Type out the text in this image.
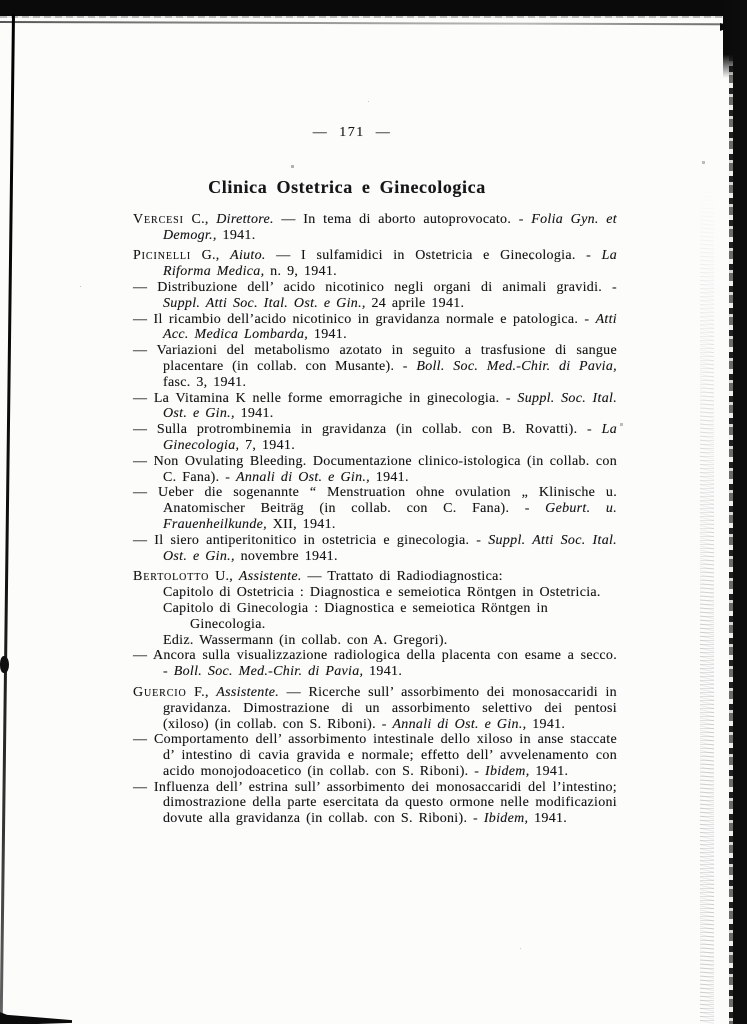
— 171 —
Clinica Ostetrica e Ginecologica

Vercesi C., Direttore. — In tema di aborto autoprovocato. - Folia Gyn. et Demogr., 1941.

Picinelli G., Aiuto. — I sulfamidici in Ostetricia e Ginecologia. - La Riforma Medica, n. 9, 1941.

— Distribuzione dell’ acido nicotinico negli organi di animali gravidi. - Suppl. Atti Soc. Ital. Ost. e Gin., 24 aprile 1941.

— Il ricambio dell’acido nicotinico in gravidanza normale e patologica. - Atti Acc. Medica Lombarda, 1941.

— Variazioni del metabolismo azotato in seguito a trasfusione di sangue placentare (in collab. con Musante). - Boll. Soc. Med.-Chir. di Pavia, fasc. 3, 1941.

— La Vitamina K nelle forme emorragiche in ginecologia. - Suppl. Soc. Ital. Ost. e Gin., 1941.

— Sulla protrombinemia in gravidanza (in collab. con B. Rovatti). - La Ginecologia, 7, 1941.

— Non Ovulating Bleeding. Documentazione clinico-istologica (in collab. con C. Fana). - Annali di Ost. e Gin., 1941.

— Ueber die sogenannte “ Menstruation ohne ovulation „ Klinische u. Anatomischer Beiträg (in collab. con C. Fana). - Geburt. u. Frauenheilkunde, XII, 1941.

— Il siero antiperitonitico in ostetricia e ginecologia. - Suppl. Atti Soc. Ital. Ost. e Gin., novembre 1941.

Bertolotto U., Assistente. — Trattato di Radiodiagnostica:

Capitolo di Ostetricia : Diagnostica e semeiotica Röntgen in Ostetricia.

Capitolo di Ginecologia : Diagnostica e semeiotica Röntgen in Ginecologia.

Ediz. Wassermann (in collab. con A. Gregori).

— Ancora sulla visualizzazione radiologica della placenta con esame a secco. - Boll. Soc. Med.-Chir. di Pavia, 1941.

Guercio F., Assistente. — Ricerche sull’ assorbimento dei monosaccaridi in gravidanza. Dimostrazione di un assorbimento selettivo dei pentosi (xiloso) (in collab. con S. Riboni). - Annali di Ost. e Gin., 1941.

— Comportamento dell’ assorbimento intestinale dello xiloso in anse staccate d’ intestino di cavia gravida e normale; effetto dell’ avvelenamento con acido monojodoacetico (in collab. con S. Riboni). - Ibidem, 1941.

— Influenza dell’ estrina sull’ assorbimento dei monosaccaridi del l’intestino; dimostrazione della parte esercitata da questo ormone nelle modificazioni dovute alla gravidanza (in collab. con S. Riboni). - Ibidem, 1941.
